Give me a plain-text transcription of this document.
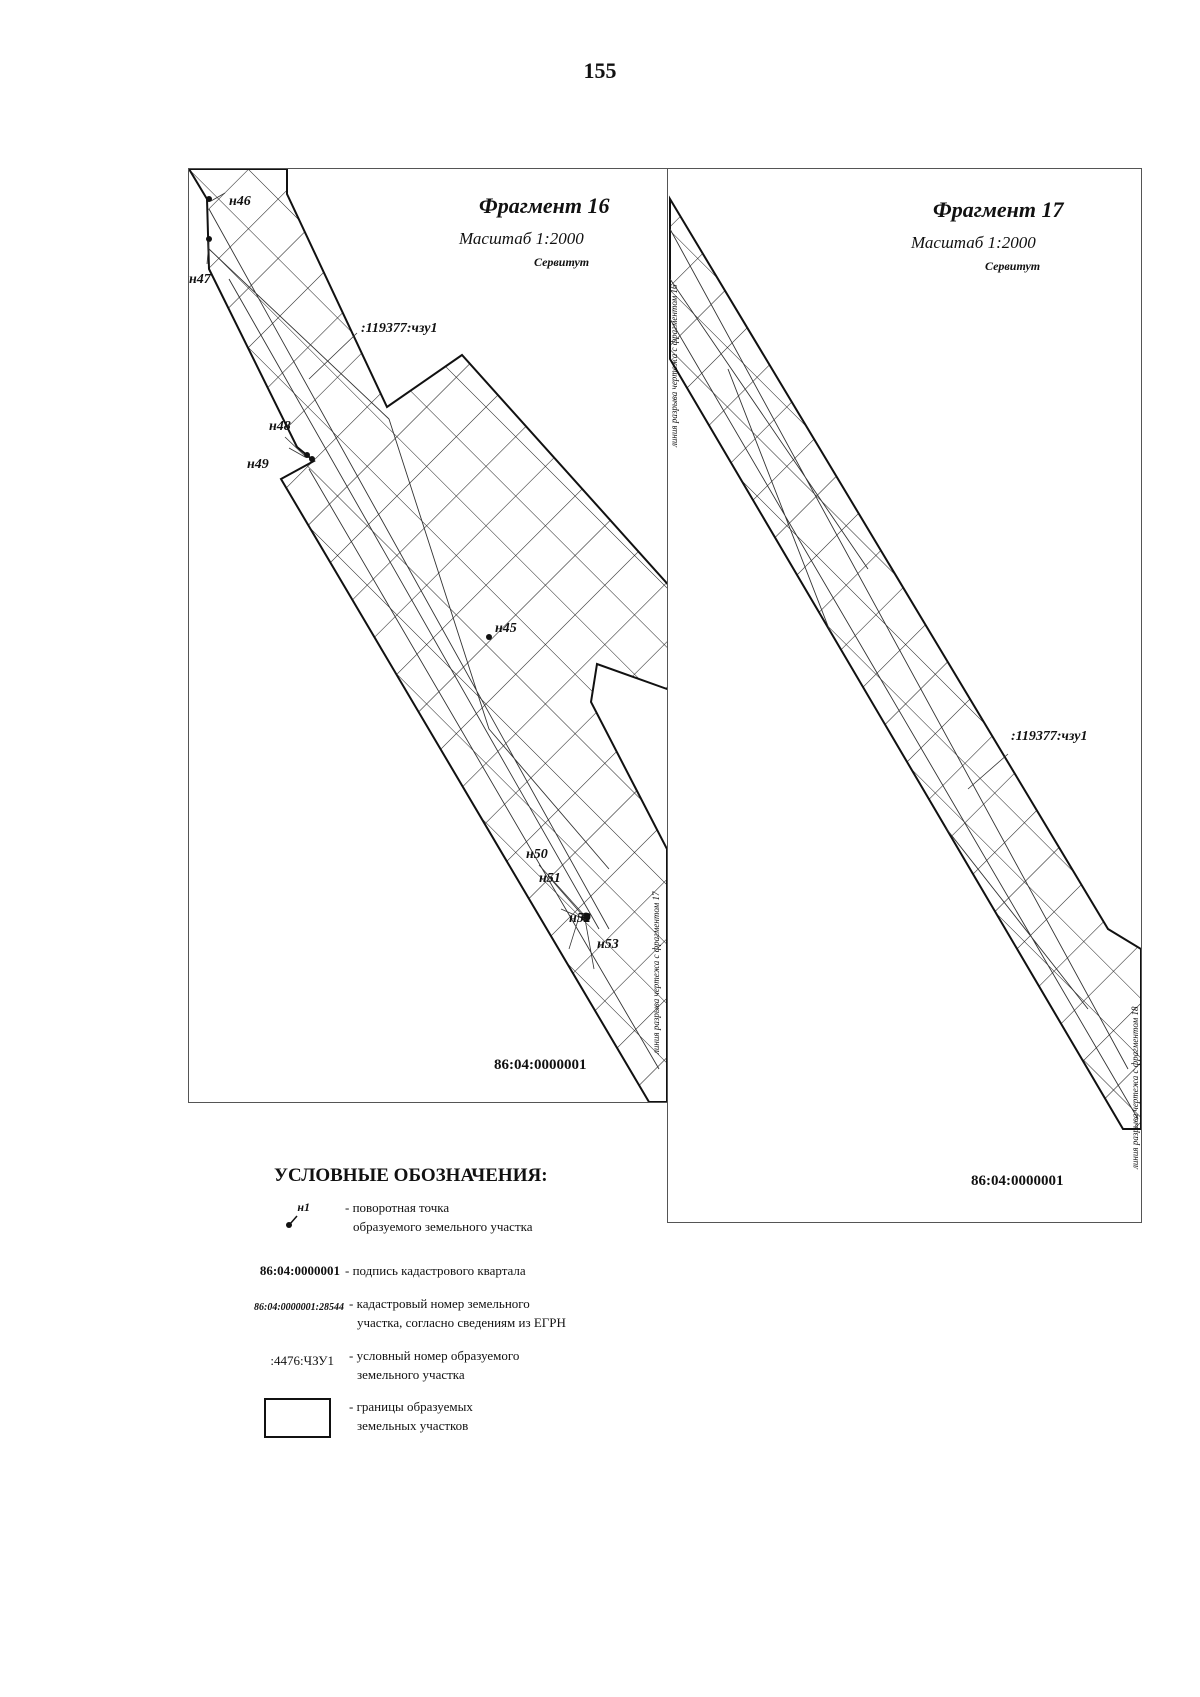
155
Фрагмент 16
Масштаб 1:2000
Сервитут
н46
н47
н48
н49
н45
н50
н51
н52
н53
:119377:чзу1
86:04:0000001
линия разрыва чертежа с фрагментом 17
Фрагмент 17
Масштаб 1:2000
Сервитут
:119377:чзу1
86:04:0000001
линия разрыва чертежа с фрагментом 16
линия разрыва чертежа с фрагментом 18
УСЛОВНЫЕ ОБОЗНАЧЕНИЯ:
н1	- поворотная точка
образуемого земельного участка
86:04:0000001 - подпись кадастрового квартала
86:04:0000001:28544 - кадастровый номер земельного
участка, согласно сведениям из ЕГРН
:4476:ЧЗУ1 - условный номер образуемого
земельного участка
- границы образуемых
земельных участков
